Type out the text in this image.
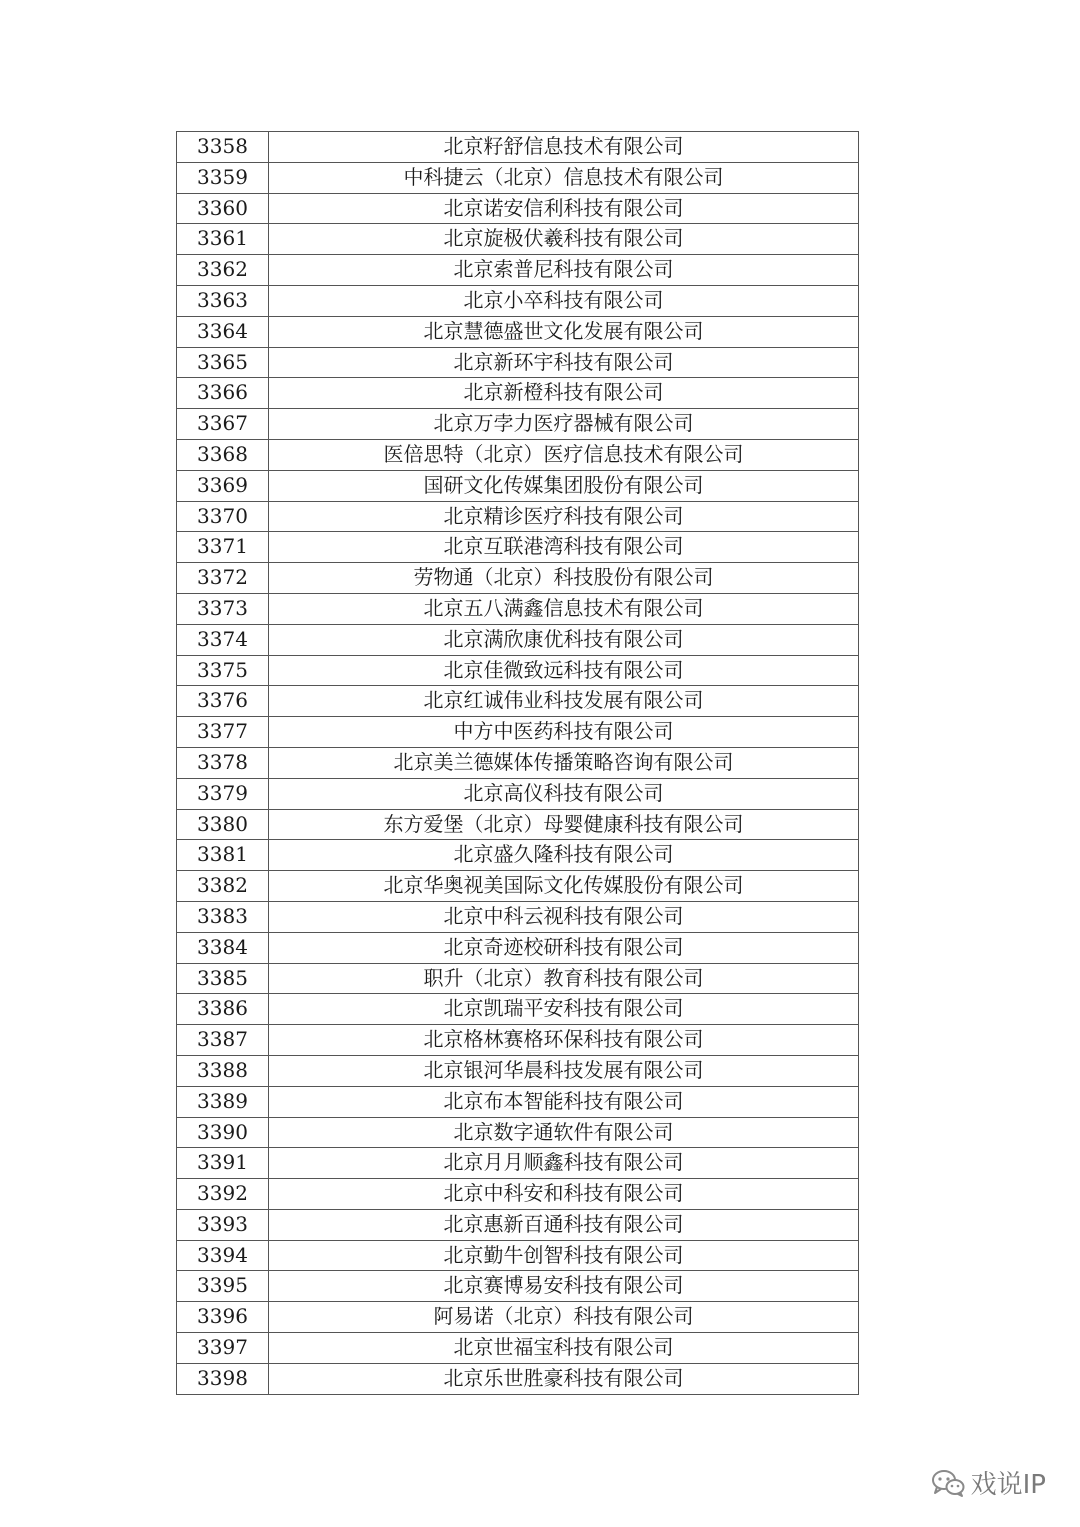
3358	北京籽舒信息技术有限公司
3359	中科捷云（北京）信息技术有限公司
3360	北京诺安信利科技有限公司
3361	北京旋极伏羲科技有限公司
3362	北京索普尼科技有限公司
3363	北京小卒科技有限公司
3364	北京慧德盛世文化发展有限公司
3365	北京新环宇科技有限公司
3366	北京新橙科技有限公司
3367	北京万孛力医疗器械有限公司
3368	医倍思特（北京）医疗信息技术有限公司
3369	国研文化传媒集团股份有限公司
3370	北京精诊医疗科技有限公司
3371	北京互联港湾科技有限公司
3372	劳物通（北京）科技股份有限公司
3373	北京五八满鑫信息技术有限公司
3374	北京满欣康优科技有限公司
3375	北京佳微致远科技有限公司
3376	北京红诚伟业科技发展有限公司
3377	中方中医药科技有限公司
3378	北京美兰德媒体传播策略咨询有限公司
3379	北京高仪科技有限公司
3380	东方爱堡（北京）母婴健康科技有限公司
3381	北京盛久隆科技有限公司
3382	北京华奥视美国际文化传媒股份有限公司
3383	北京中科云视科技有限公司
3384	北京奇迹校研科技有限公司
3385	职升（北京）教育科技有限公司
3386	北京凯瑞平安科技有限公司
3387	北京格林赛格环保科技有限公司
3388	北京银河华晨科技发展有限公司
3389	北京布本智能科技有限公司
3390	北京数字通软件有限公司
3391	北京月月顺鑫科技有限公司
3392	北京中科安和科技有限公司
3393	北京惠新百通科技有限公司
3394	北京勤牛创智科技有限公司
3395	北京赛博易安科技有限公司
3396	阿易诺（北京）科技有限公司
3397	北京世福宝科技有限公司
3398	北京乐世胜豪科技有限公司
戏说IP
